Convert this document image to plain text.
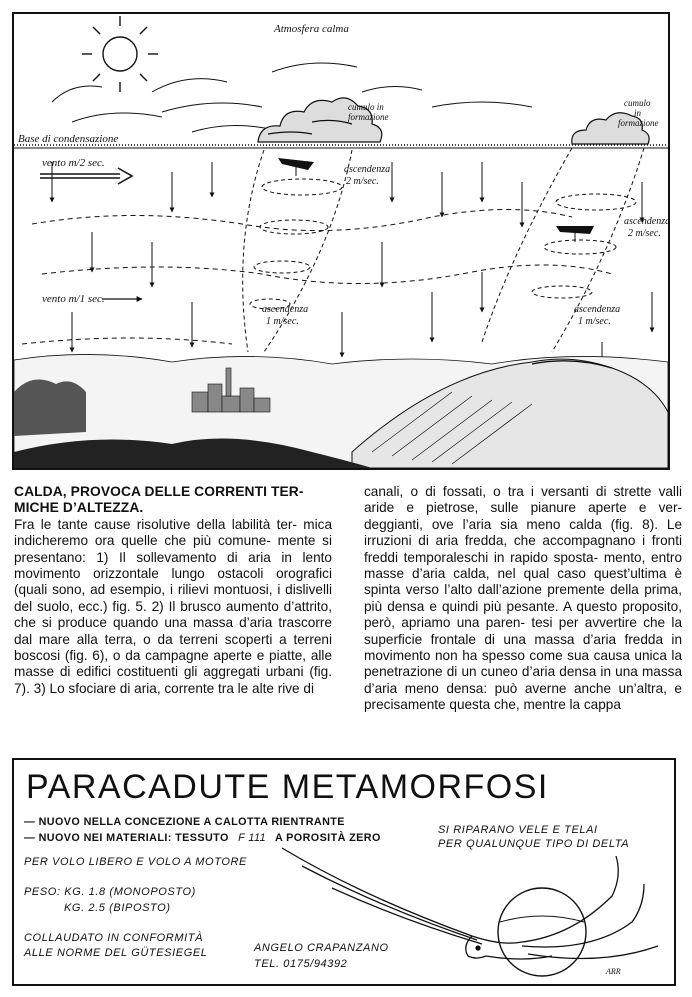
Atmosfera calma
Base di condensazione
vento m/2 sec.
vento m/1 sec.
cumulo in
formazione
cumulo
in
formazione
ascendenza
2 m/sec.
ascendenza
1 m/sec.
ascendenza
2 m/sec.
ascendenza
1 m/sec.
CALDA, PROVOCA DELLE CORRENTI TER-
MICHE D’ALTEZZA.

Fra le tante cause risolutive della labilità ter- mica indicheremo ora quelle che più comune- mente si presentano: 1) Il sollevamento di aria in lento movimento orizzontale lungo ostacoli orografici (quali sono, ad esempio, i rilievi montuosi, i dislivelli del suolo, ecc.) fig. 5. 2) Il brusco aumento d’attrito, che si produce quando una massa d’aria trascorre dal mare alla terra, o da terreni scoperti a terreni boscosi (fig. 6), o da campagne aperte e piatte, alle masse di edifici costituenti gli aggregati urbani (fig. 7). 3) Lo sfociare di aria, corrente tra le alte rive di

canali, o di fossati, o tra i versanti di strette valli aride e pietrose, sulle pianure aperte e ver- deggianti, ove l’aria sia meno calda (fig. 8). Le irruzioni di aria fredda, che accompagnano i fronti freddi temporaleschi in rapido sposta- mento, entro masse d’aria calda, nel qual caso quest’ultima è spinta verso l’alto dall’azione premente della prima, più densa e quindi più pesante. A questo proposito, però, apriamo una paren- tesi per avvertire che la superficie frontale di una massa d’aria fredda in movimento non ha spesso come sua causa unica la penetrazione di un cuneo d’aria densa in una massa d’aria meno densa: può averne anche un’altra, e precisamente questa che, mentre la cappa

PARACADUTE METAMORFOSI
— NUOVO NELLA CONCEZIONE A CALOTTA RIENTRANTE
— NUOVO NEI MATERIALI: TESSUTO F 111 A POROSITÀ ZERO
SI RIPARANO VELE E TELAI
PER QUALUNQUE TIPO DI DELTA
PER VOLO LIBERO E VOLO A MOTORE
PESO: KG. 1.8 (MONOPOSTO)
KG. 2.5 (BIPOSTO)
COLLAUDATO IN CONFORMITÀ
ALLE NORME DEL GÜTESIEGEL	ANGELO CRAPANZANO
TEL. 0175/94392
ARR
